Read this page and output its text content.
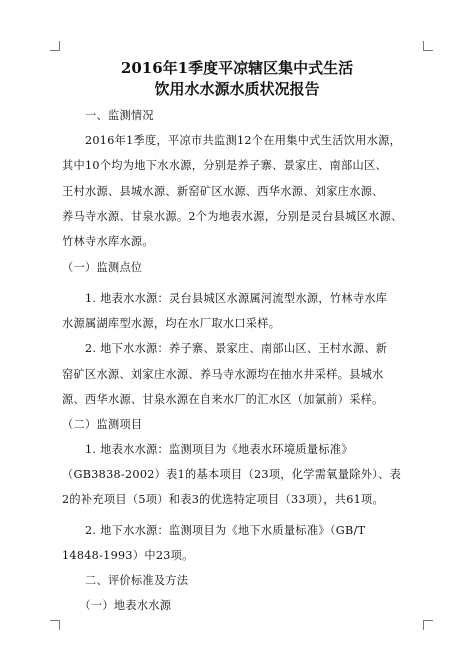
2016年1季度平凉辖区集中式生活
饮用水水源水质状况报告
　　一、监测情况
　　2016年1季度，平凉市共监测12个在用集中式生活饮用水源，
其中10个均为地下水水源，分别是养子寨、景家庄、南部山区、
王村水源、县城水源、新窑矿区水源、西华水源、刘家庄水源、
养马寺水源、甘泉水源。2个为地表水源，分别是灵台县城区水源、
竹林寺水库水源。
（一）监测点位
　　1. 地表水水源：灵台县城区水源属河流型水源，竹林寺水库
水源属湖库型水源，均在水厂取水口采样。
　　2. 地下水水源：养子寨、景家庄、南部山区、王村水源、新
窑矿区水源、刘家庄水源、养马寺水源均在抽水井采样。县城水
源、西华水源、甘泉水源在自来水厂的汇水区（加氯前）采样。
（二）监测项目
　　1. 地表水水源：监测项目为《地表水环境质量标准》
（GB3838-2002）表1的基本项目（23项，化学需氧量除外）、表
2的补充项目（5项）和表3的优选特定项目（33项），共61项。
　　2. 地下水水源：监测项目为《地下水质量标准》（GB/T
14848-1993）中23项。
　　二、评价标准及方法
　　（一）地表水水源
